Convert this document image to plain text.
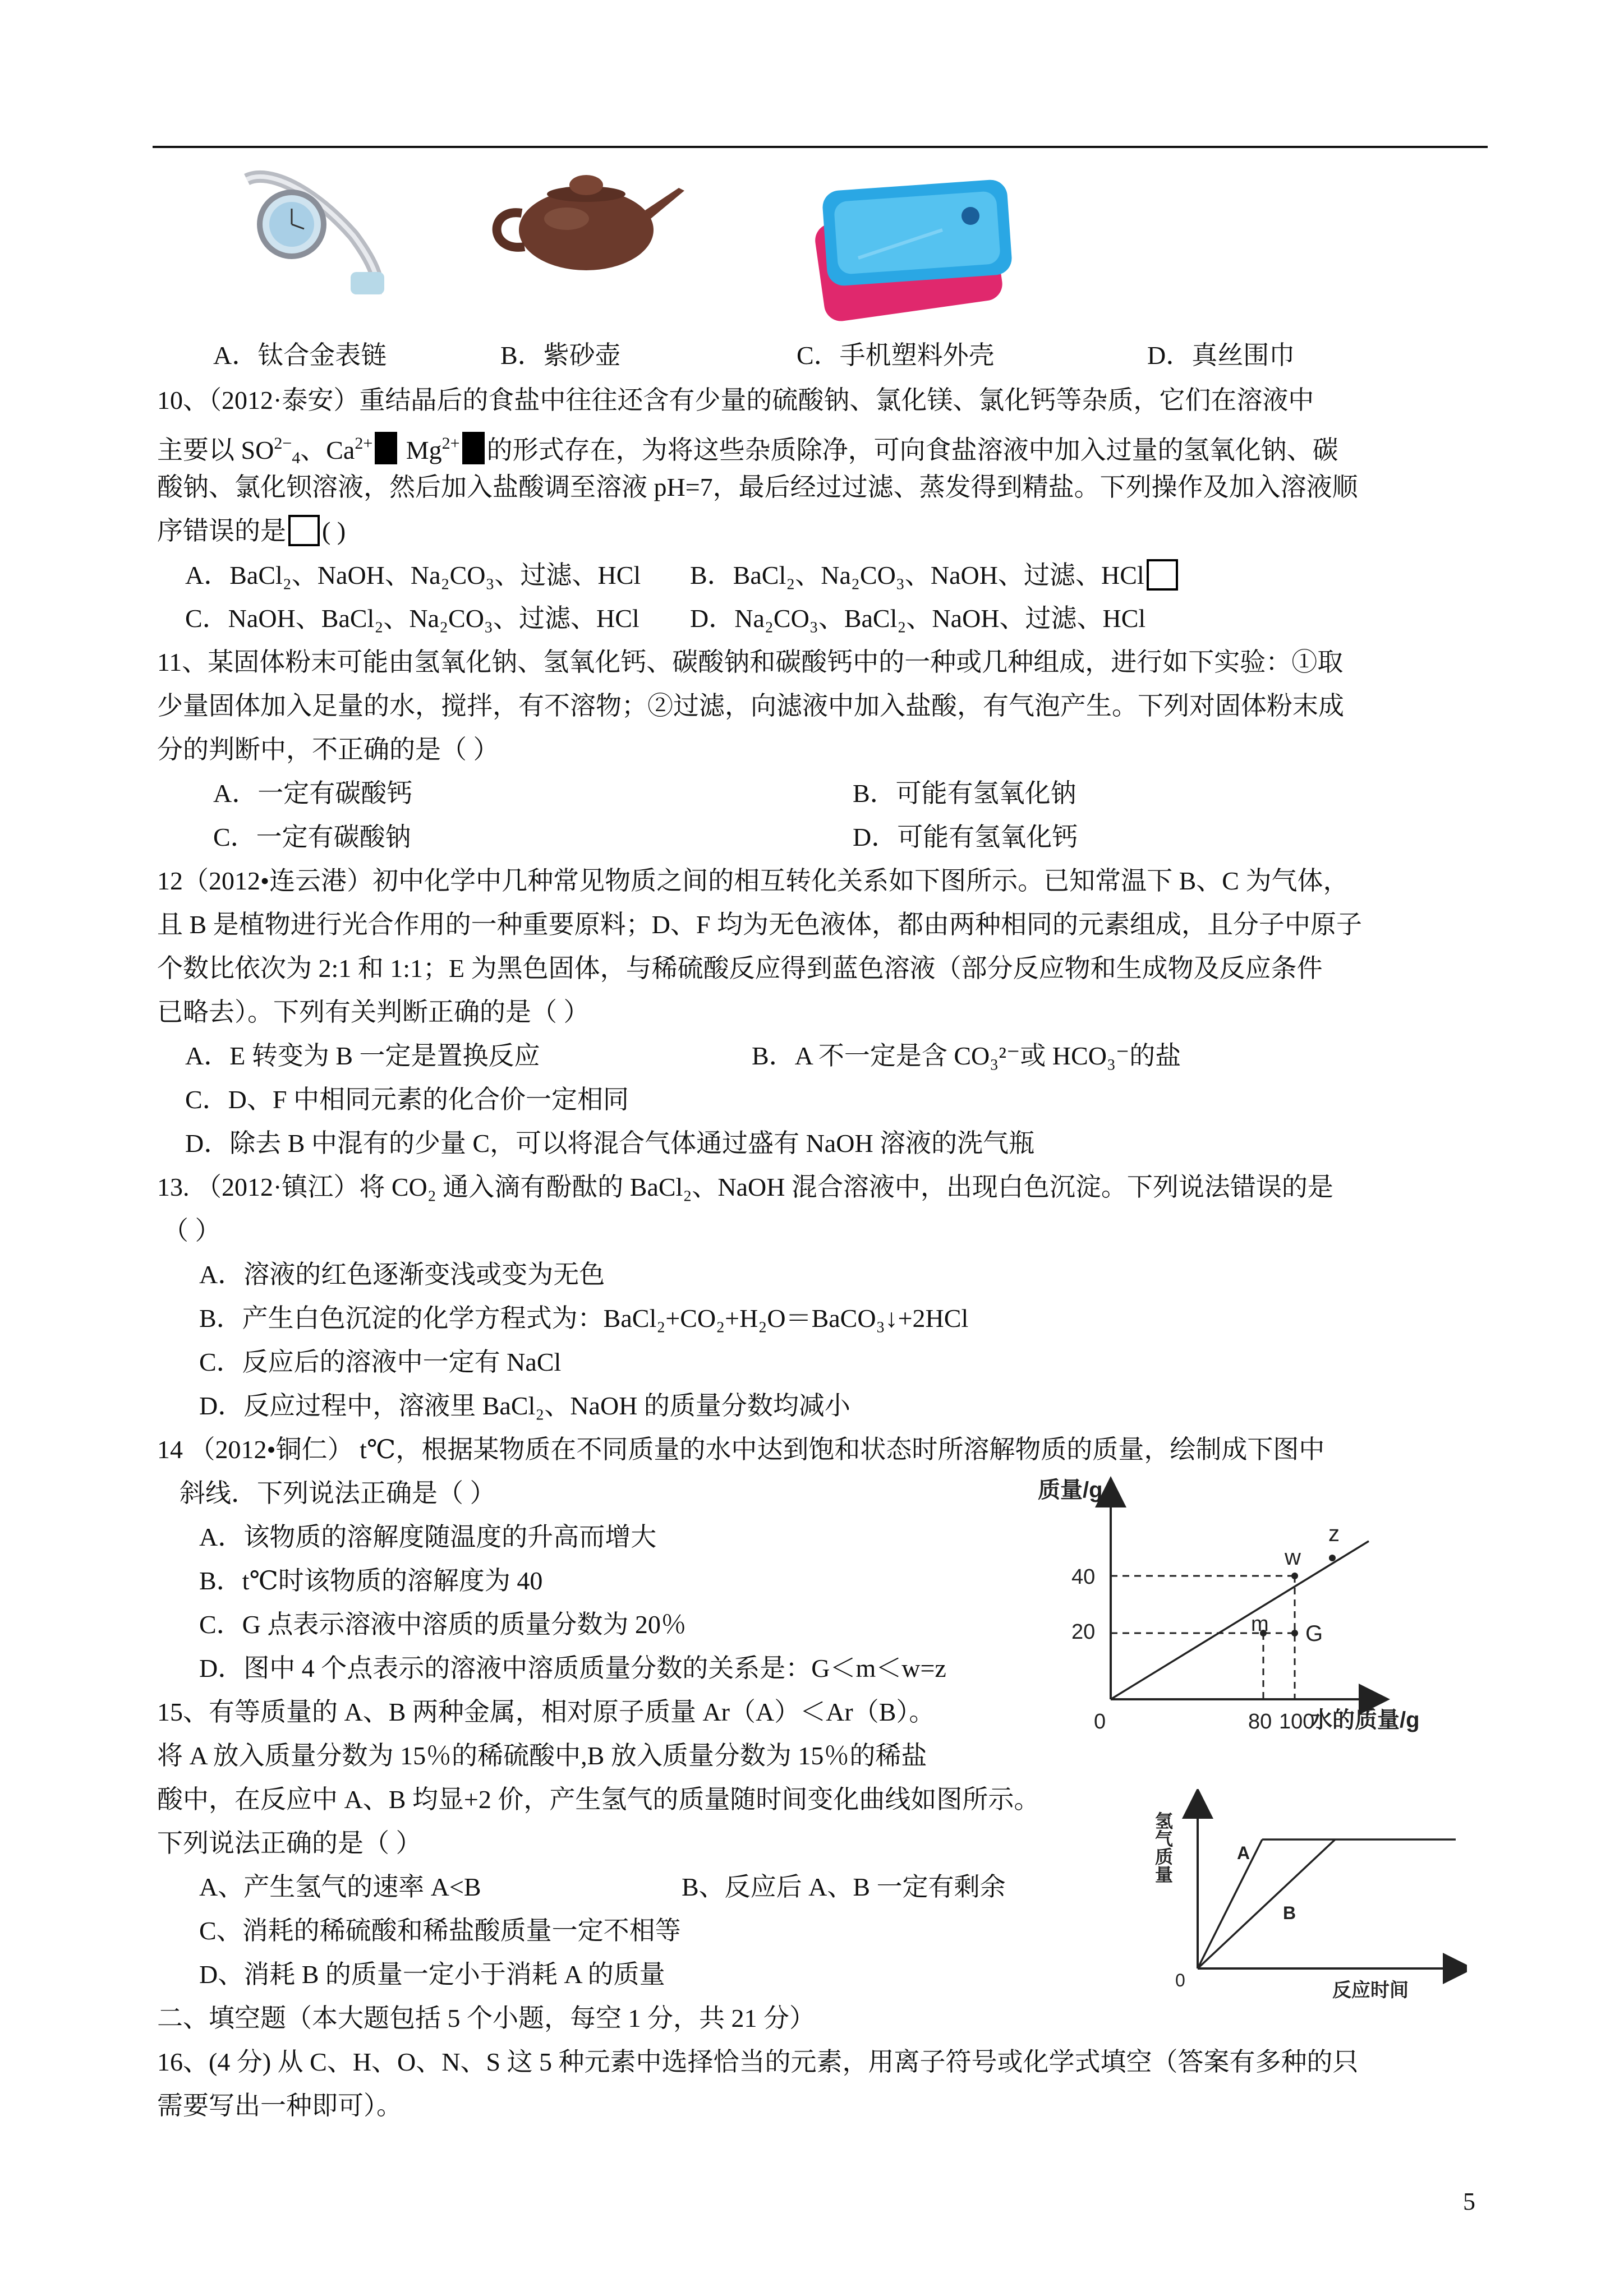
A．钛合金表链	B．紫砂壶	C．手机塑料外壳	D．真丝围巾
10、（2012·泰安）重结晶后的食盐中往往还含有少量的硫酸钠、氯化镁、氯化钙等杂质，它们在溶液中
主要以 $SO^{2-}_4$、$Ca^{2+}$ $Mg^{2+}$ 的形式存在，为将这些杂质除净，可向食盐溶液中加入过量的氢氧化钠、碳
酸钠、氯化钡溶液，然后加入盐酸调至溶液 pH=7，最后经过过滤、蒸发得到精盐。下列操作及加入溶液顺
序错误的是 ( )
A．BaCl₂、NaOH、Na₂CO₃、过滤、HCl B．BaCl₂、Na₂CO₃、NaOH、过滤、HCl
C．NaOH、BaCl₂、Na₂CO₃、过滤、HCl D．Na₂CO₃、BaCl₂、NaOH、过滤、HCl
11、某固体粉末可能由氢氧化钠、氢氧化钙、碳酸钠和碳酸钙中的一种或几种组成，进行如下实验：①取
少量固体加入足量的水，搅拌，有不溶物；②过滤，向滤液中加入盐酸，有气泡产生。下列对固体粉末成
分的判断中，不正确的是（ ）
A．一定有碳酸钙	B．可能有氢氧化钠
C．一定有碳酸钠	D．可能有氢氧化钙
12（2012•连云港）初中化学中几种常见物质之间的相互转化关系如下图所示。已知常温下 B、C 为气体，
且 B 是植物进行光合作用的一种重要原料；D、F 均为无色液体，都由两种相同的元素组成，且分子中原子
个数比依次为 2:1 和 1:1；E 为黑色固体，与稀硫酸反应得到蓝色溶液（部分反应物和生成物及反应条件
已略去）。下列有关判断正确的是（ ）
A．E 转变为 B 一定是置换反应	B．A 不一定是含 CO₃²⁻或 HCO₃⁻的盐
C．D、F 中相同元素的化合价一定相同
D．除去 B 中混有的少量 C，可以将混合气体通过盛有 NaOH 溶液的洗气瓶
13. （2012·镇江）将 CO₂ 通入滴有酚酞的 BaCl₂、NaOH 混合溶液中，出现白色沉淀。下列说法错误的是
（ ）
A．溶液的红色逐渐变浅或变为无色
B．产生白色沉淀的化学方程式为：BaCl₂+CO₂+H₂O＝BaCO₃↓+2HCl
C．反应后的溶液中一定有 NaCl
D．反应过程中，溶液里 BaCl₂、NaOH 的质量分数均减小
14 （2012•铜仁） t℃，根据某物质在不同质量的水中达到饱和状态时所溶解物质的质量，绘制成下图中
斜线．下列说法正确是（ ）
A．该物质的溶解度随温度的升高而增大
B．t℃时该物质的溶解度为 40
C．G 点表示溶液中溶质的质量分数为 20％
D．图中 4 个点表示的溶液中溶质质量分数的关系是：G＜m＜w=z
质量/g
水的质量/g
0
40
20
80 100
w
z
m G
15、有等质量的 A、B 两种金属，相对原子质量 Ar（A）＜Ar（B）。
将 A 放入质量分数为 15％的稀硫酸中,B 放入质量分数为 15％的稀盐
酸中，在反应中 A、B 均显+2 价，产生氢气的质量随时间变化曲线如图所示。
下列说法正确的是（ ）
A、产生氢气的速率 A<B	B、反应后 A、B 一定有剩余
C、消耗的稀硫酸和稀盐酸质量一定不相等
D、消耗 B 的质量一定小于消耗 A 的质量
氢气质量
反应时间
0
A
B
二、填空题（本大题包括 5 个小题，每空 1 分，共 21 分）
16、(4 分) 从 C、H、O、N、S 这 5 种元素中选择恰当的元素，用离子符号或化学式填空（答案有多种的只
需要写出一种即可）。
5
